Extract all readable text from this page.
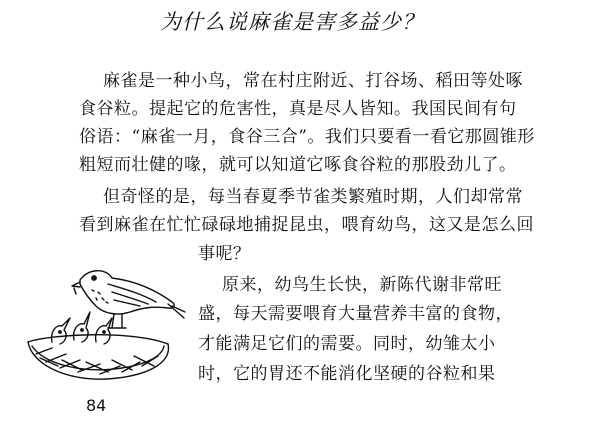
为什么说麻雀是害多益少？
麻雀是一种小鸟，常在村庄附近、打谷场、稻田等处啄
食谷粒。提起它的危害性，真是尽人皆知。我国民间有句
俗语：“麻雀一月，食谷三合”。我们只要看一看它那圆锥形
粗短而壮健的喙，就可以知道它啄食谷粒的那股劲儿了。
但奇怪的是，每当春夏季节雀类繁殖时期，人们却常常
看到麻雀在忙忙碌碌地捕捉昆虫，喂育幼鸟，这又是怎么回
事呢？
原来，幼鸟生长快，新陈代谢非常旺
盛，每天需要喂育大量营养丰富的食物，
才能满足它们的需要。同时，幼雏太小
时，它的胃还不能消化坚硬的谷粒和果
84
